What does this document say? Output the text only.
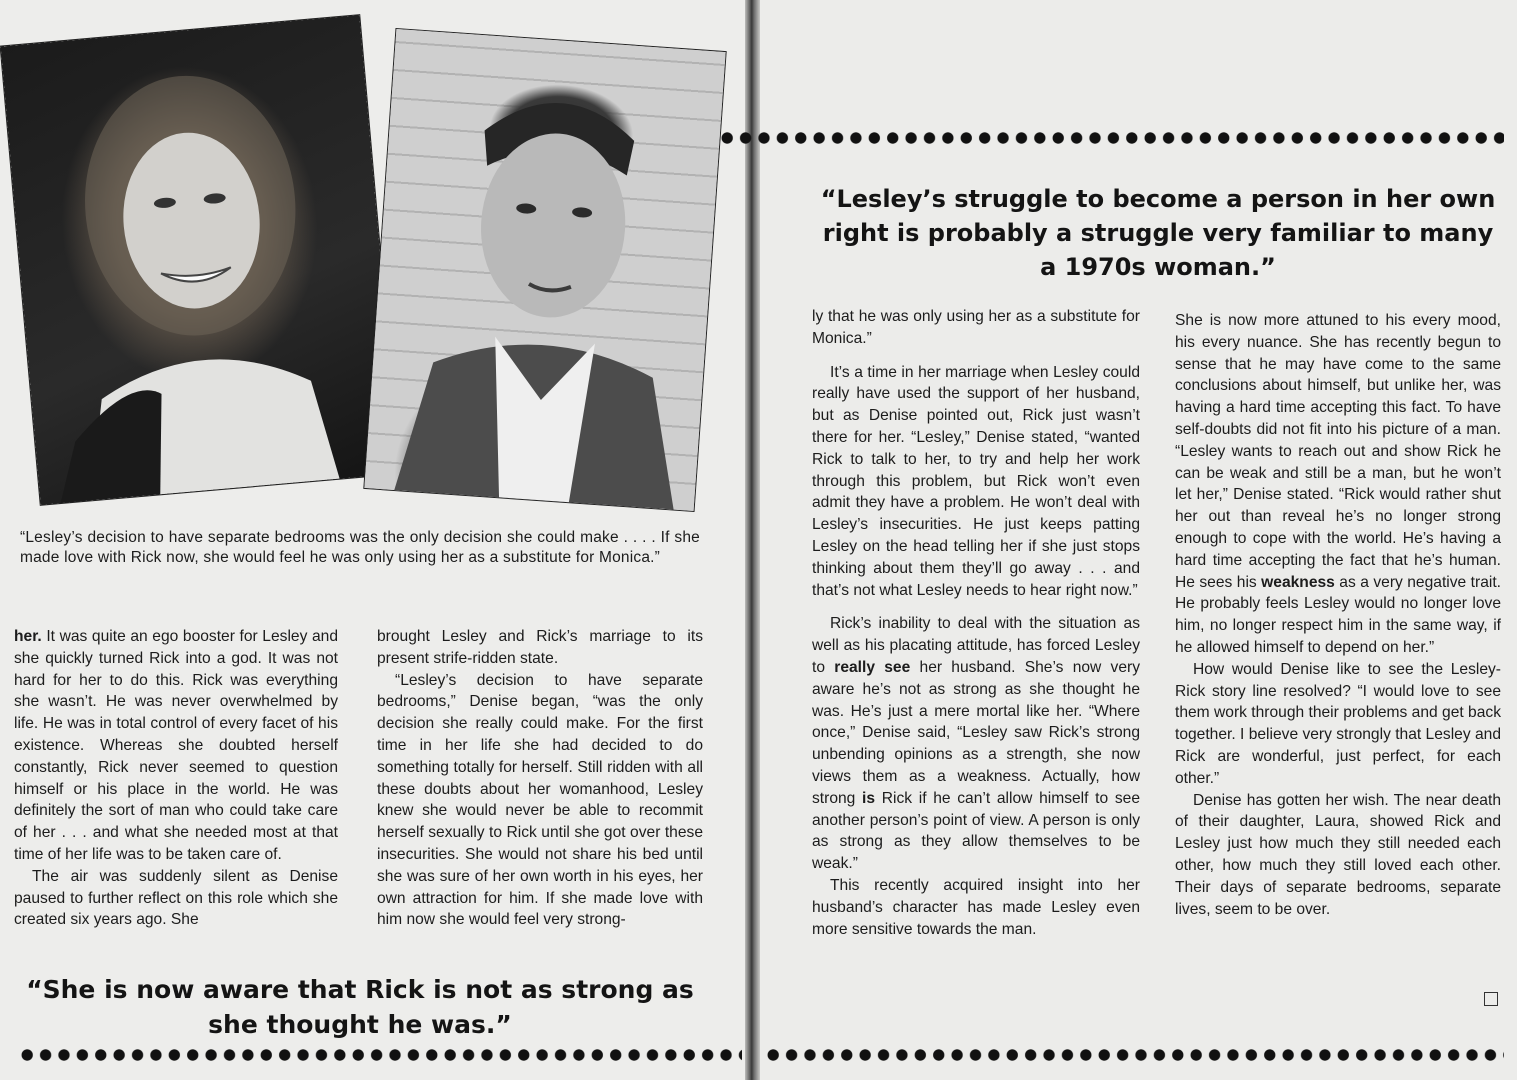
“Lesley’s decision to have separate bedrooms was the only decision she could make . . . . If she made love with Rick now, she would feel he was only using her as a substitute for Monica.”

her. It was quite an ego booster for Lesley and she quickly turned Rick into a god. It was not hard for her to do this. Rick was everything she wasn’t. He was never overwhelmed by life. He was in total control of every facet of his existence. Whereas she doubted herself constantly, Rick never seemed to question himself or his place in the world. He was definitely the sort of man who could take care of her . . . and what she needed most at that time of her life was to be taken care of.

The air was suddenly silent as Denise paused to further reflect on this role which she created six years ago. She

brought Lesley and Rick’s marriage to its present strife-ridden state.

“Lesley’s decision to have separate bedrooms,” Denise began, “was the only decision she really could make. For the first time in her life she had decided to do something totally for herself. Still ridden with all these doubts about her womanhood, Lesley knew she would never be able to recommit herself sexually to Rick until she got over these insecurities. She would not share his bed until she was sure of her own worth in his eyes, her own attraction for him. If she made love with him now she would feel very strong-

“She is now aware that Rick is not as strong as she thought he was.”
“Lesley’s struggle to become a person in her own right is probably a struggle very familiar to many a 1970s woman.”

ly that he was only using her as a substitute for Monica.”

It’s a time in her marriage when Lesley could really have used the support of her husband, but as Denise pointed out, Rick just wasn’t there for her. “Lesley,” Denise stated, “wanted Rick to talk to her, to try and help her work through this problem, but Rick won’t even admit they have a problem. He won’t deal with Lesley’s insecurities. He just keeps patting Lesley on the head telling her if she just stops thinking about them they’ll go away . . . and that’s not what Lesley needs to hear right now.”

Rick’s inability to deal with the situation as well as his placating attitude, has forced Lesley to really see her husband. She’s now very aware he’s not as strong as she thought he was. He’s just a mere mortal like her. “Where once,” Denise said, “Lesley saw Rick’s strong unbending opinions as a strength, she now views them as a weakness. Actually, how strong is Rick if he can’t allow himself to see another person’s point of view. A person is only as strong as they allow themselves to be weak.”

This recently acquired insight into her husband’s character has made Lesley even more sensitive towards the man.

She is now more attuned to his every mood, his every nuance. She has recently begun to sense that he may have come to the same conclusions about himself, but unlike her, was having a hard time accepting this fact. To have self-doubts did not fit into his picture of a man. “Lesley wants to reach out and show Rick he can be weak and still be a man, but he won’t let her,” Denise stated. “Rick would rather shut her out than reveal he’s no longer strong enough to cope with the world. He’s having a hard time accepting the fact that he’s human. He sees his weakness as a very negative trait. He probably feels Lesley would no longer love him, no longer respect him in the same way, if he allowed himself to depend on her.”

How would Denise like to see the Lesley-Rick story line resolved? “I would love to see them work through their problems and get back together. I believe very strongly that Lesley and Rick are wonderful, just perfect, for each other.”

Denise has gotten her wish. The near death of their daughter, Laura, showed Rick and Lesley just how much they still needed each other, how much they still loved each other. Their days of separate bedrooms, separate lives, seem to be over.
